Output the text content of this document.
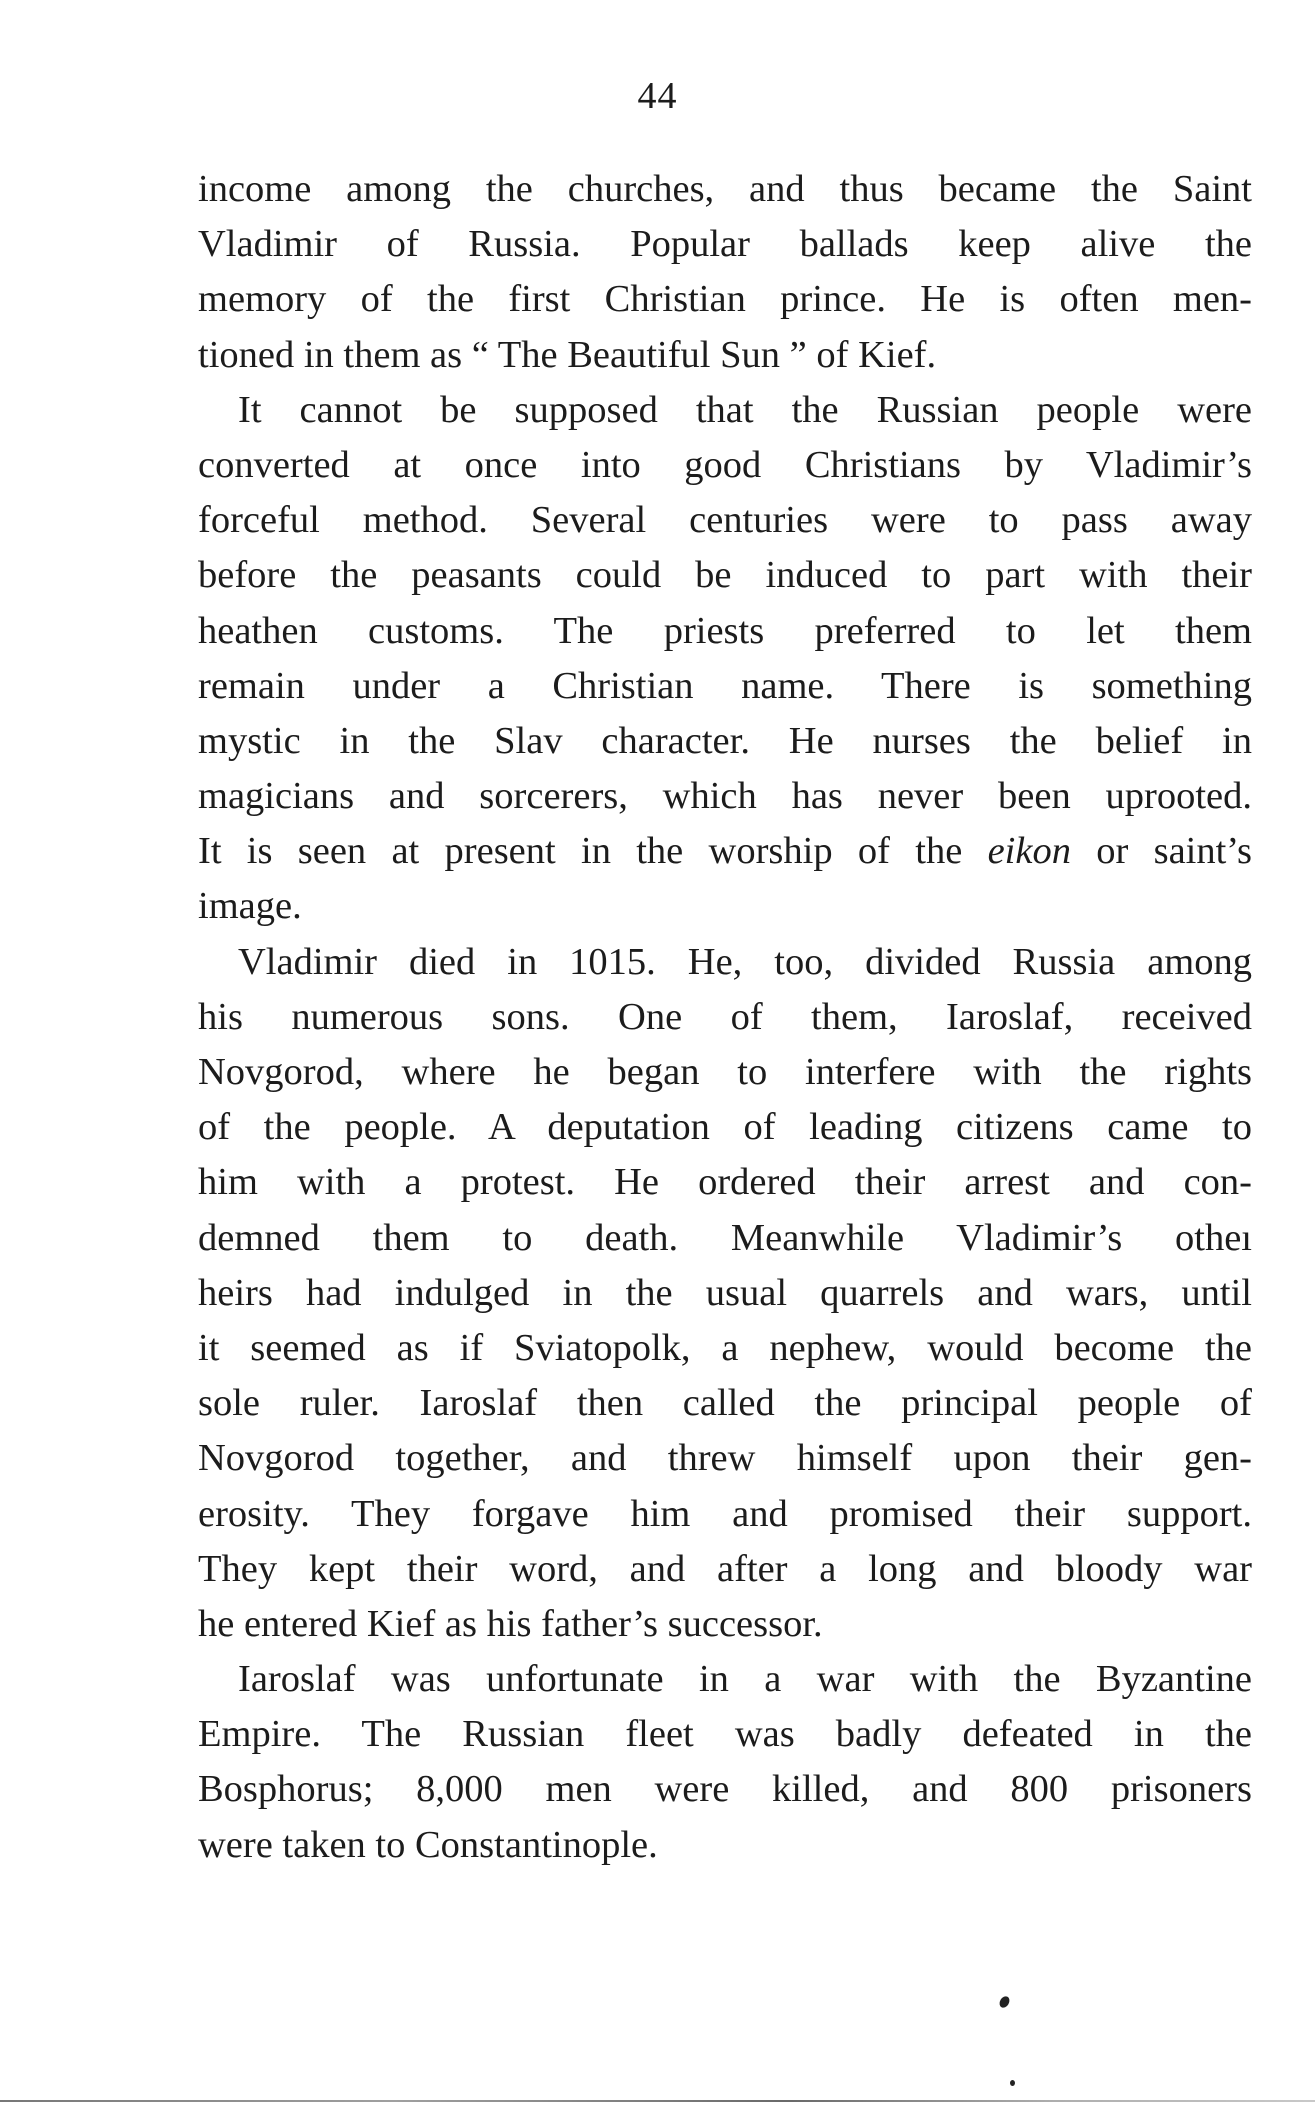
44
income among the churches, and thus became the Saint
Vladimir of Russia. Popular ballads keep alive the
memory of the first Christian prince. He is often men-
tioned in them as “ The Beautiful Sun ” of Kief.
It cannot be supposed that the Russian people were
converted at once into good Christians by Vladimir’s
forceful method. Several centuries were to pass away
before the peasants could be induced to part with their
heathen customs. The priests preferred to let them
remain under a Christian name. There is something
mystic in the Slav character. He nurses the belief in
magicians and sorcerers, which has never been uprooted.
It is seen at present in the worship of the eikon or saint’s
image.
Vladimir died in 1015. He, too, divided Russia among
his numerous sons. One of them, Iaroslaf, received
Novgorod, where he began to interfere with the rights
of the people. A deputation of leading citizens came to
him with a protest. He ordered their arrest and con-
demned them to death. Meanwhile Vladimir’s otheı
heirs had indulged in the usual quarrels and wars, until
it seemed as if Sviatopolk, a nephew, would become the
sole ruler. Iaroslaf then called the principal people of
Novgorod together, and threw himself upon their gen-
erosity. They forgave him and promised their support.
They kept their word, and after a long and bloody war
he entered Kief as his father’s successor.
Iaroslaf was unfortunate in a war with the Byzantine
Empire. The Russian fleet was badly defeated in the
Bosphorus; 8,000 men were killed, and 800 prisoners
were taken to Constantinople.
